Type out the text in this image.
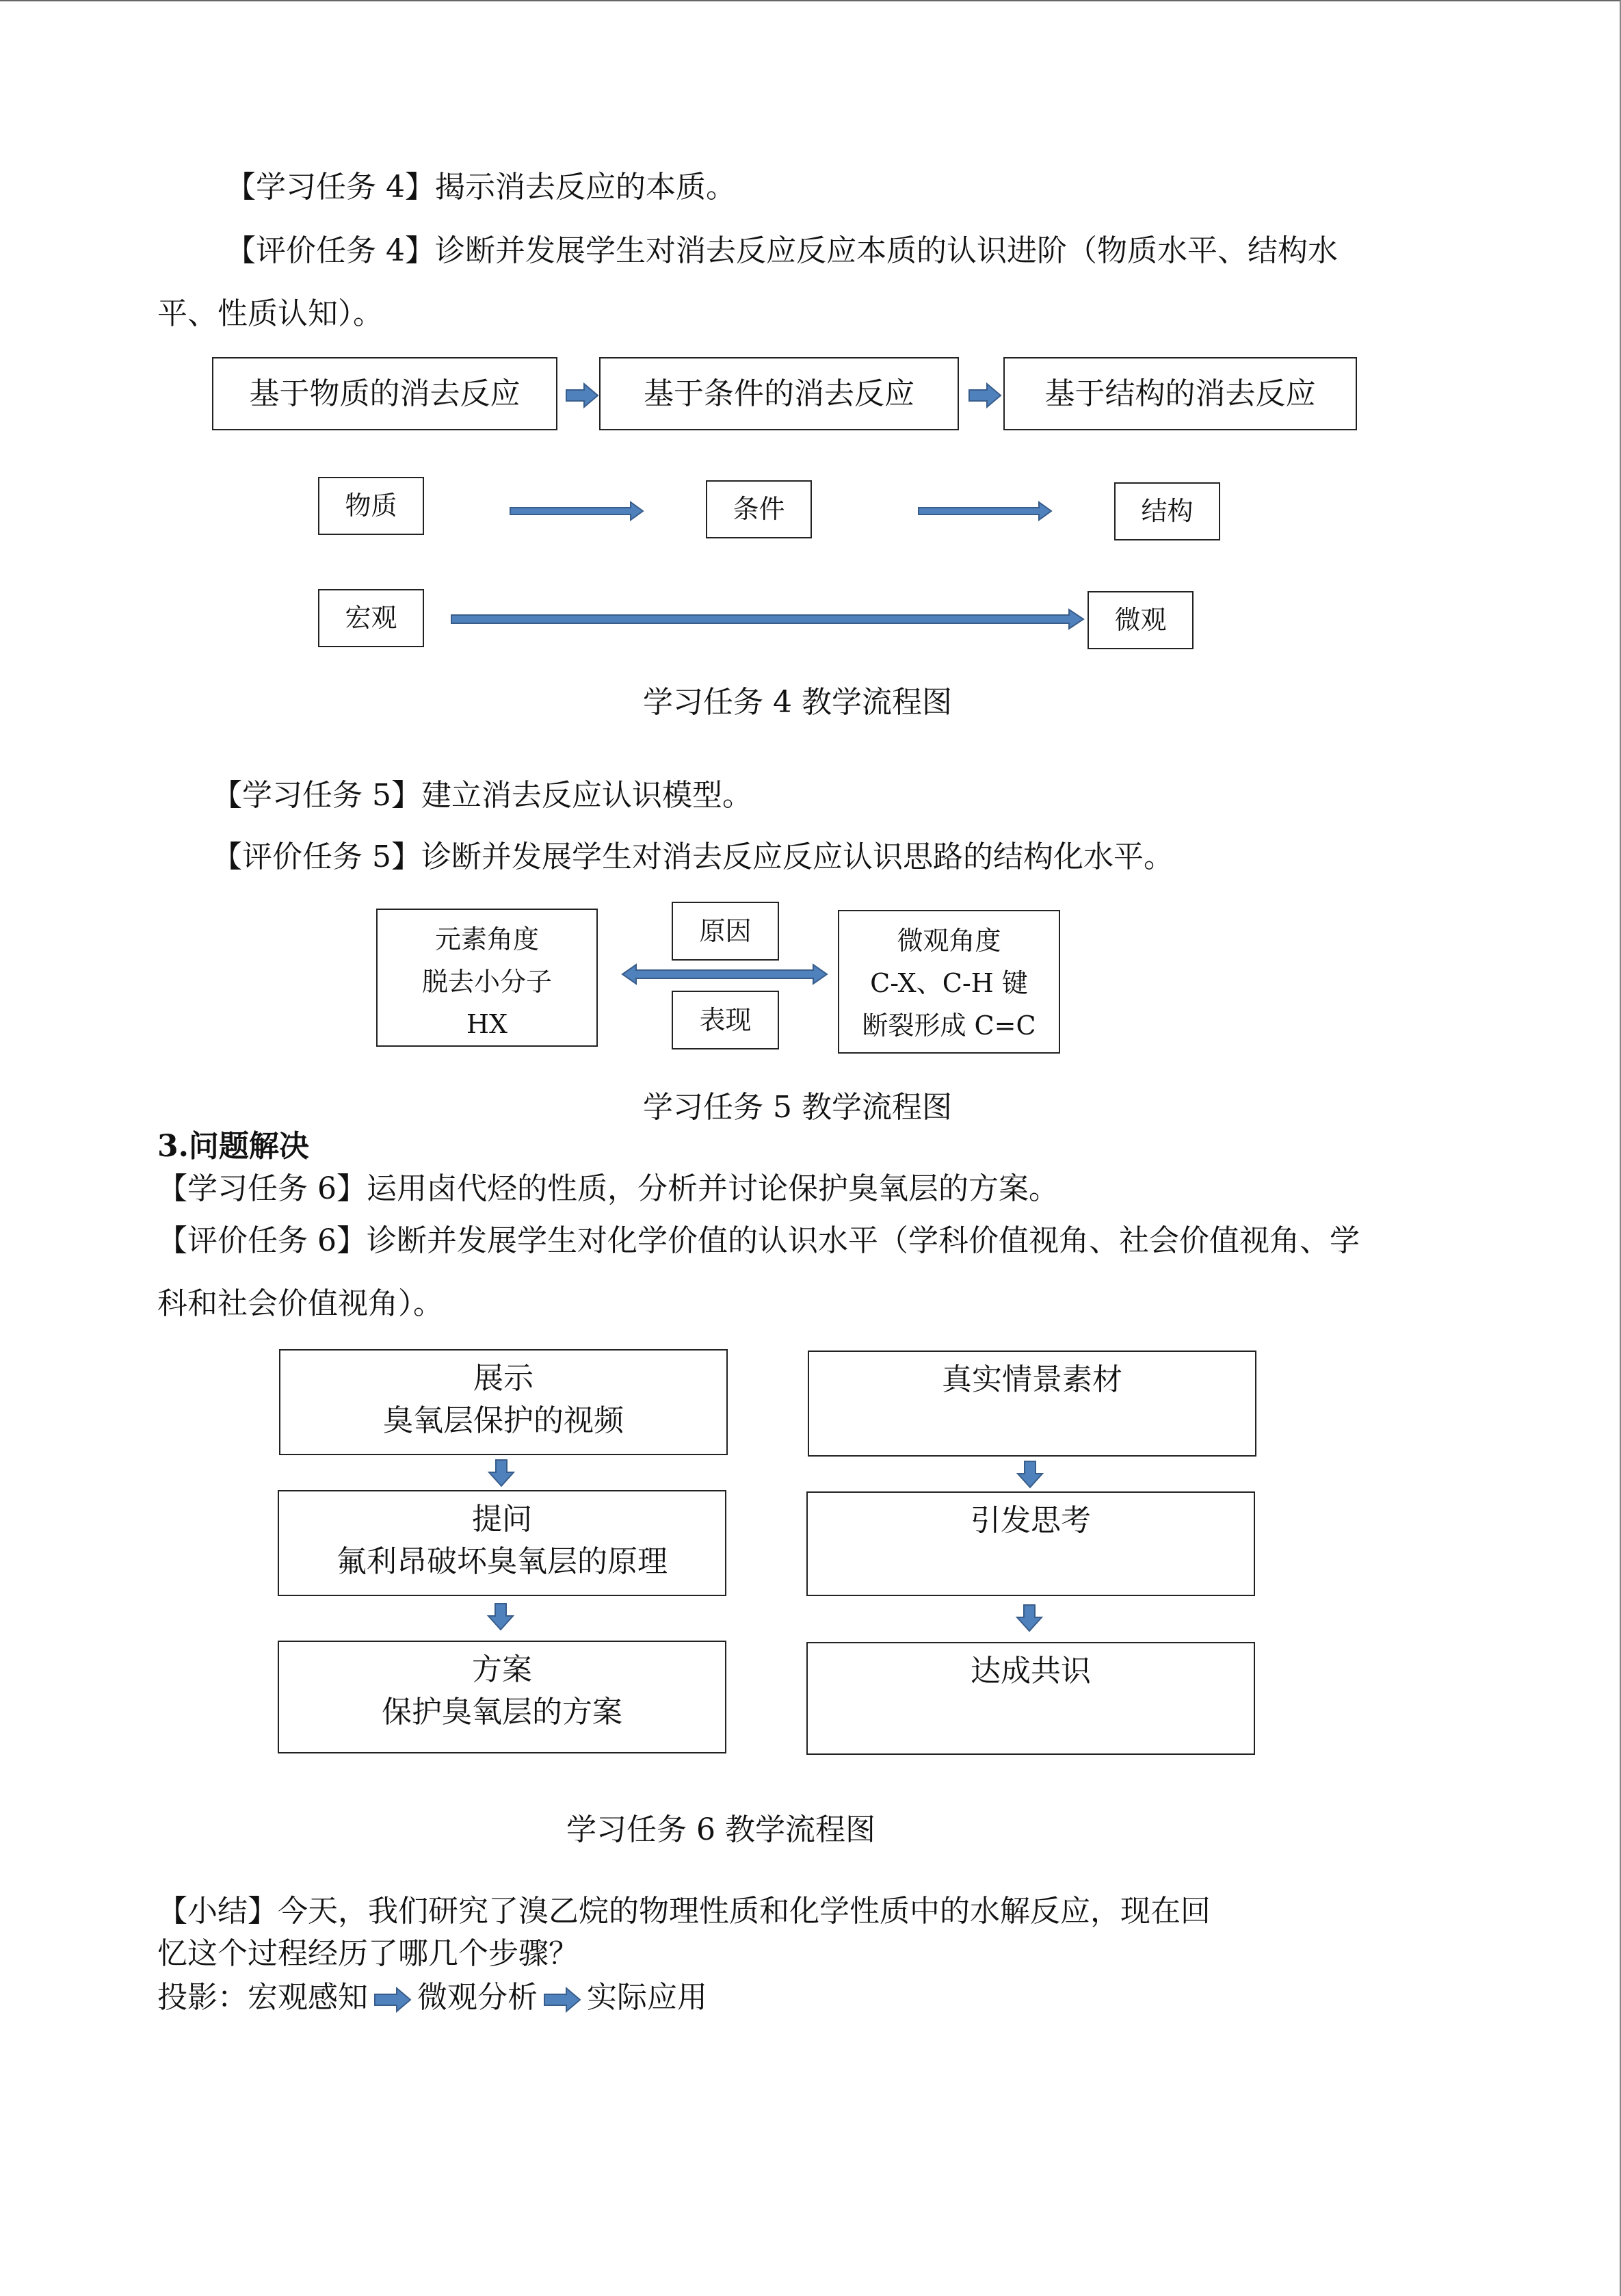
【学习任务 4】揭示消去反应的本质。
【评价任务 4】诊断并发展学生对消去反应反应本质的认识进阶（物质水平、结构水
平、性质认知）。
基于物质的消去反应	基于条件的消去反应	基于结构的消去反应
物质	条件	结构
宏观	微观
学习任务 4 教学流程图
【学习任务 5】建立消去反应认识模型。
【评价任务 5】诊断并发展学生对消去反应反应认识思路的结构化水平。
元素角度
脱去小分子
HX
原因
表现
微观角度
C-X、C-H 键
断裂形成 C=C
学习任务 5 教学流程图
3.问题解决
【学习任务 6】运用卤代烃的性质，分析并讨论保护臭氧层的方案。
【评价任务 6】诊断并发展学生对化学价值的认识水平（学科价值视角、社会价值视角、学
科和社会价值视角）。
展示
臭氧层保护的视频
提问
氟利昂破坏臭氧层的原理
方案
保护臭氧层的方案
真实情景素材
引发思考
达成共识
学习任务 6 教学流程图
【小结】今天，我们研究了溴乙烷的物理性质和化学性质中的水解反应，现在回
忆这个过程经历了哪几个步骤？
投影：宏观感知 微观分析 实际应用
